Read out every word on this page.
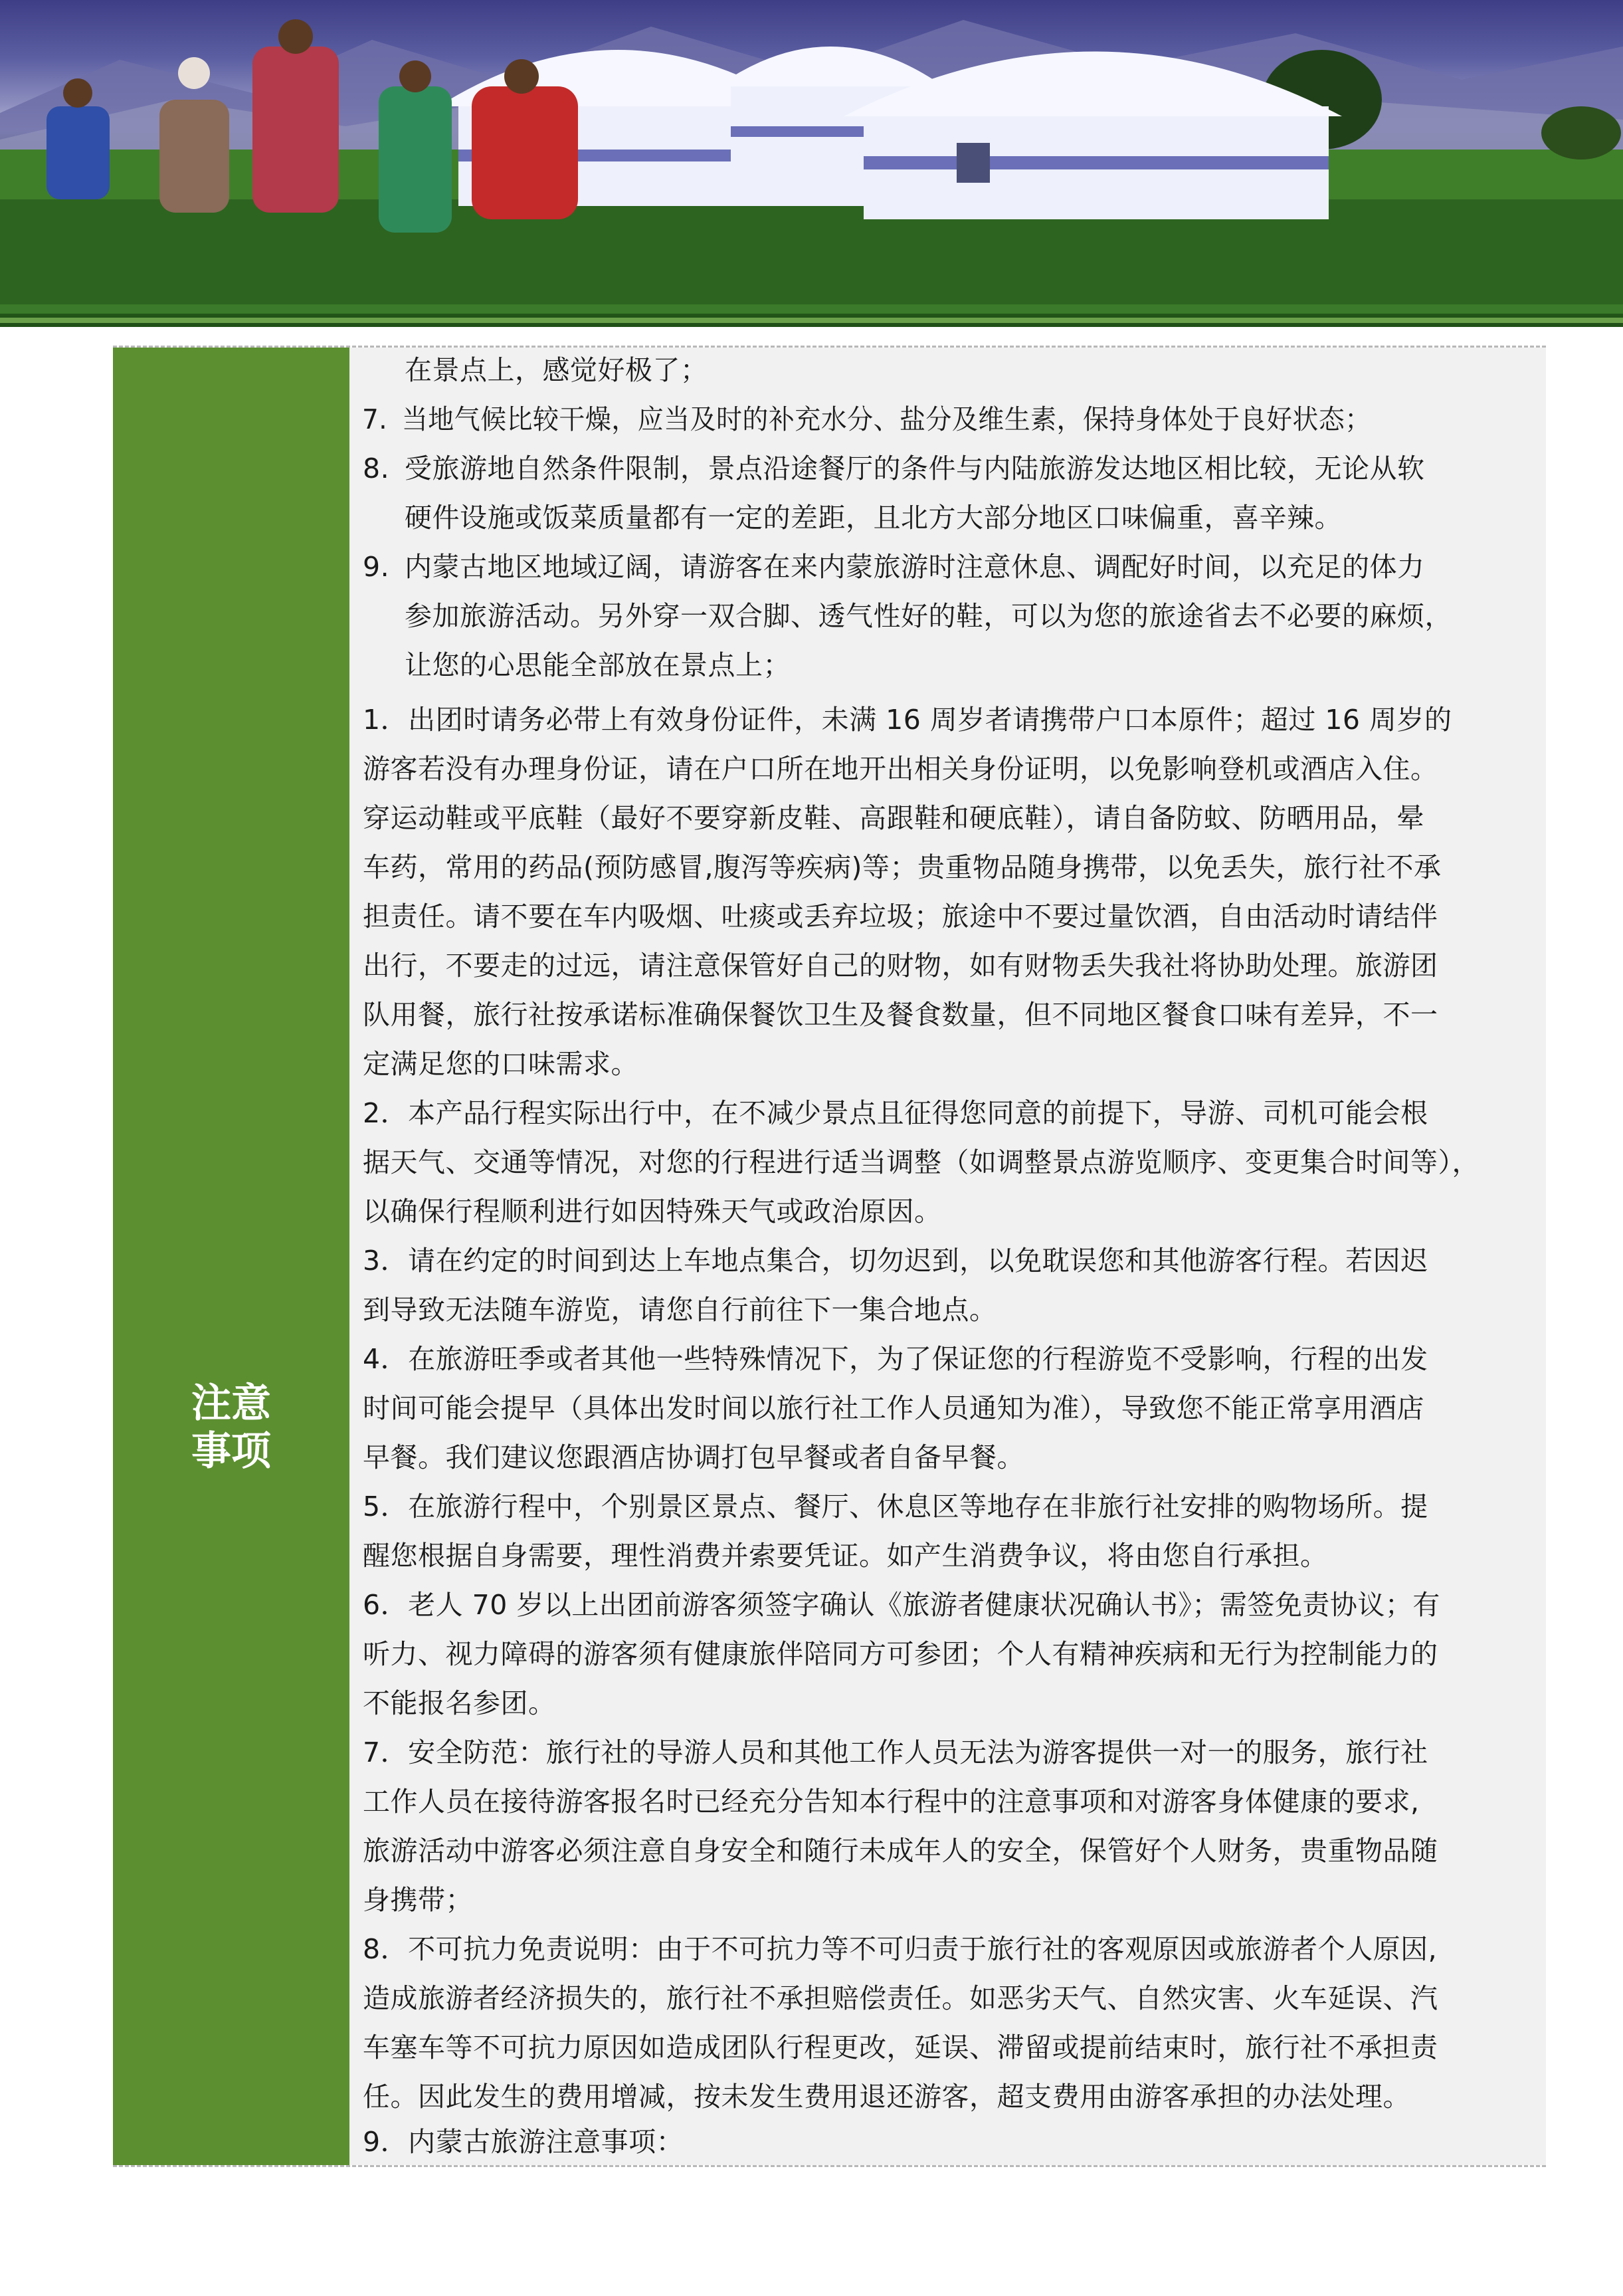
在景点上，感觉好极了；
7. 当地气候比较干燥，应当及时的补充水分、盐分及维生素，保持身体处于良好状态；
8. 受旅游地自然条件限制，景点沿途餐厅的条件与内陆旅游发达地区相比较，无论从软
硬件设施或饭菜质量都有一定的差距，且北方大部分地区口味偏重，喜辛辣。
9. 内蒙古地区地域辽阔，请游客在来内蒙旅游时注意休息、调配好时间，以充足的体力
参加旅游活动。另外穿一双合脚、透气性好的鞋，可以为您的旅途省去不必要的麻烦，
让您的心思能全部放在景点上；
注意
事项
1．出团时请务必带上有效身份证件，未满 16 周岁者请携带户口本原件；超过 16 周岁的
游客若没有办理身份证，请在户口所在地开出相关身份证明，以免影响登机或酒店入住。
穿运动鞋或平底鞋（最好不要穿新皮鞋、高跟鞋和硬底鞋），请自备防蚊、防晒用品，晕
车药，常用的药品(预防感冒,腹泻等疾病)等；贵重物品随身携带，以免丢失，旅行社不承
担责任。请不要在车内吸烟、吐痰或丢弃垃圾；旅途中不要过量饮酒，自由活动时请结伴
出行，不要走的过远，请注意保管好自己的财物，如有财物丢失我社将协助处理。旅游团
队用餐，旅行社按承诺标准确保餐饮卫生及餐食数量，但不同地区餐食口味有差异，不一
定满足您的口味需求。
2．本产品行程实际出行中，在不减少景点且征得您同意的前提下，导游、司机可能会根
据天气、交通等情况，对您的行程进行适当调整（如调整景点游览顺序、变更集合时间等），
以确保行程顺利进行如因特殊天气或政治原因。
3．请在约定的时间到达上车地点集合，切勿迟到，以免耽误您和其他游客行程。若因迟
到导致无法随车游览，请您自行前往下一集合地点。
4．在旅游旺季或者其他一些特殊情况下，为了保证您的行程游览不受影响，行程的出发
时间可能会提早（具体出发时间以旅行社工作人员通知为准），导致您不能正常享用酒店
早餐。我们建议您跟酒店协调打包早餐或者自备早餐。
5．在旅游行程中，个别景区景点、餐厅、休息区等地存在非旅行社安排的购物场所。提
醒您根据自身需要，理性消费并索要凭证。如产生消费争议，将由您自行承担。
6．老人 70 岁以上出团前游客须签字确认《旅游者健康状况确认书》；需签免责协议；有
听力、视力障碍的游客须有健康旅伴陪同方可参团；个人有精神疾病和无行为控制能力的
不能报名参团。
7．安全防范：旅行社的导游人员和其他工作人员无法为游客提供一对一的服务，旅行社
工作人员在接待游客报名时已经充分告知本行程中的注意事项和对游客身体健康的要求,
旅游活动中游客必须注意自身安全和随行未成年人的安全，保管好个人财务，贵重物品随
身携带；
8．不可抗力免责说明：由于不可抗力等不可归责于旅行社的客观原因或旅游者个人原因,
造成旅游者经济损失的，旅行社不承担赔偿责任。如恶劣天气、自然灾害、火车延误、汽
车塞车等不可抗力原因如造成团队行程更改，延误、滞留或提前结束时，旅行社不承担责
任。因此发生的费用增减，按未发生费用退还游客，超支费用由游客承担的办法处理。
9．内蒙古旅游注意事项：
